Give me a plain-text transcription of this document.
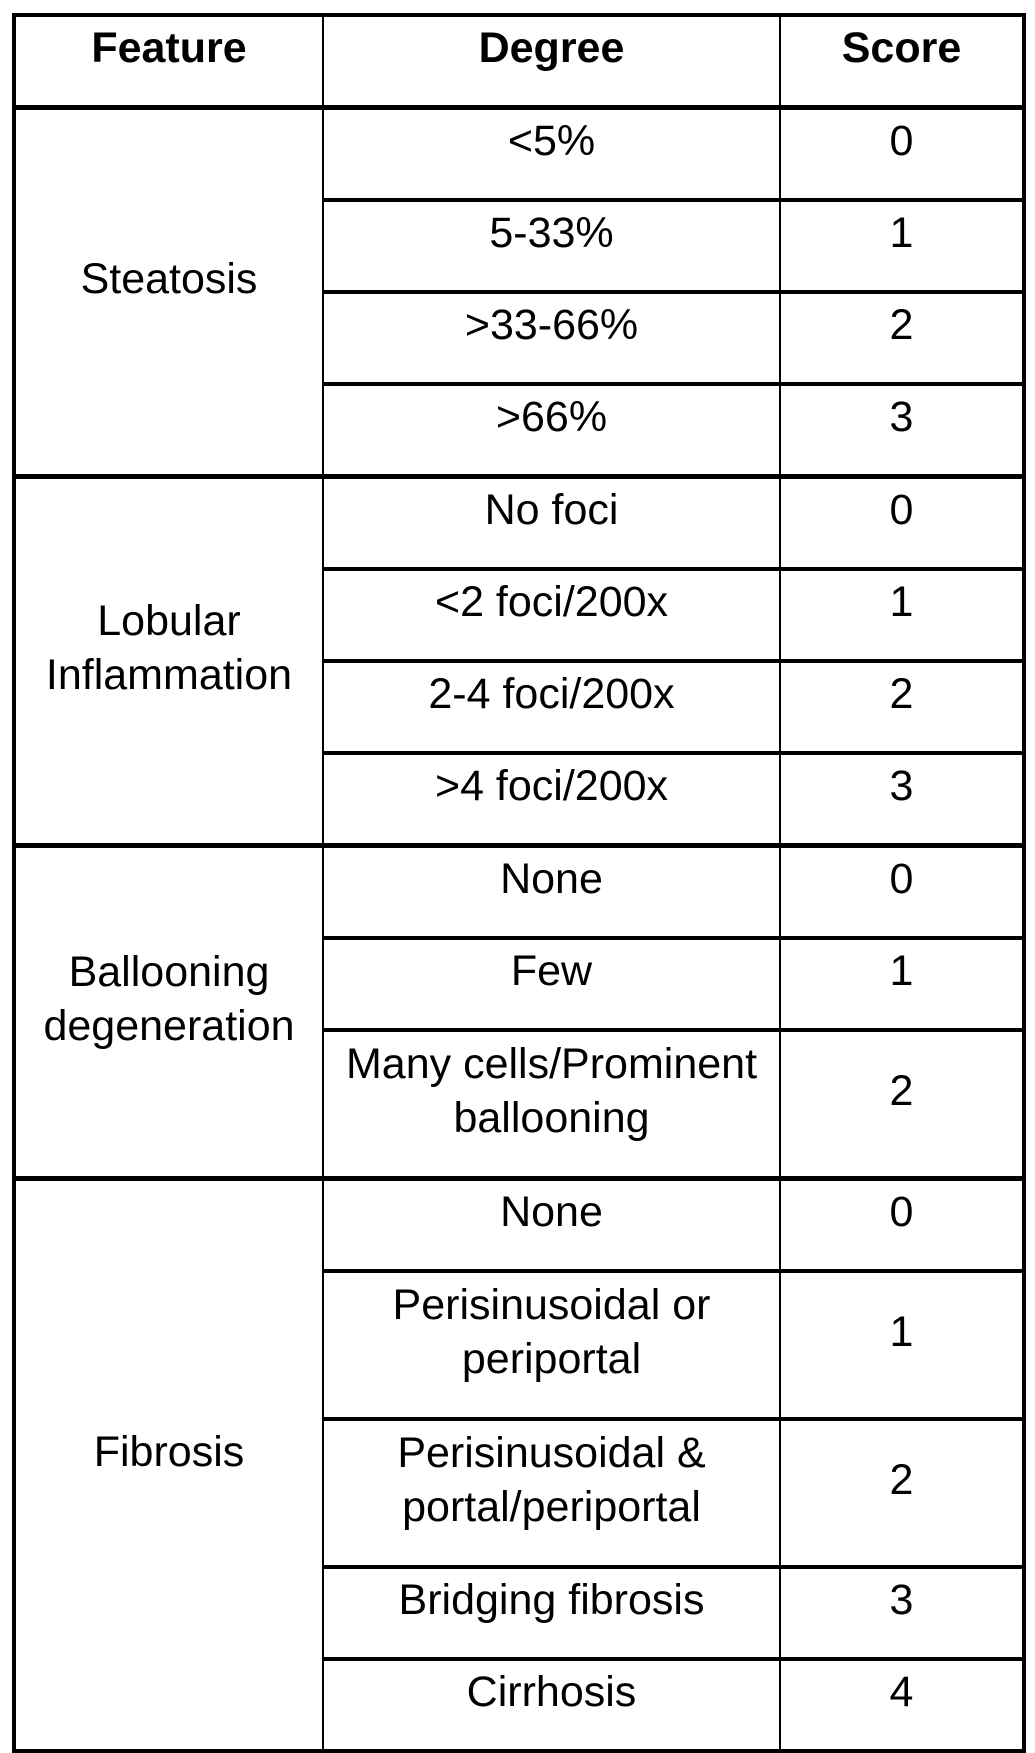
Feature	Degree	Score
Steatosis	<5%	0
	5-33%	1
	>33-66%	2
	>66%	3
Lobular Inflammation	No foci	0
	<2 foci/200x	1
	2-4 foci/200x	2
	>4 foci/200x	3
Ballooning degeneration	None	0
	Few	1
	Many cells/Prominent ballooning	2
Fibrosis	None	0
	Perisinusoidal or periportal	1
	Perisinusoidal & portal/periportal	2
	Bridging fibrosis	3
	Cirrhosis	4
